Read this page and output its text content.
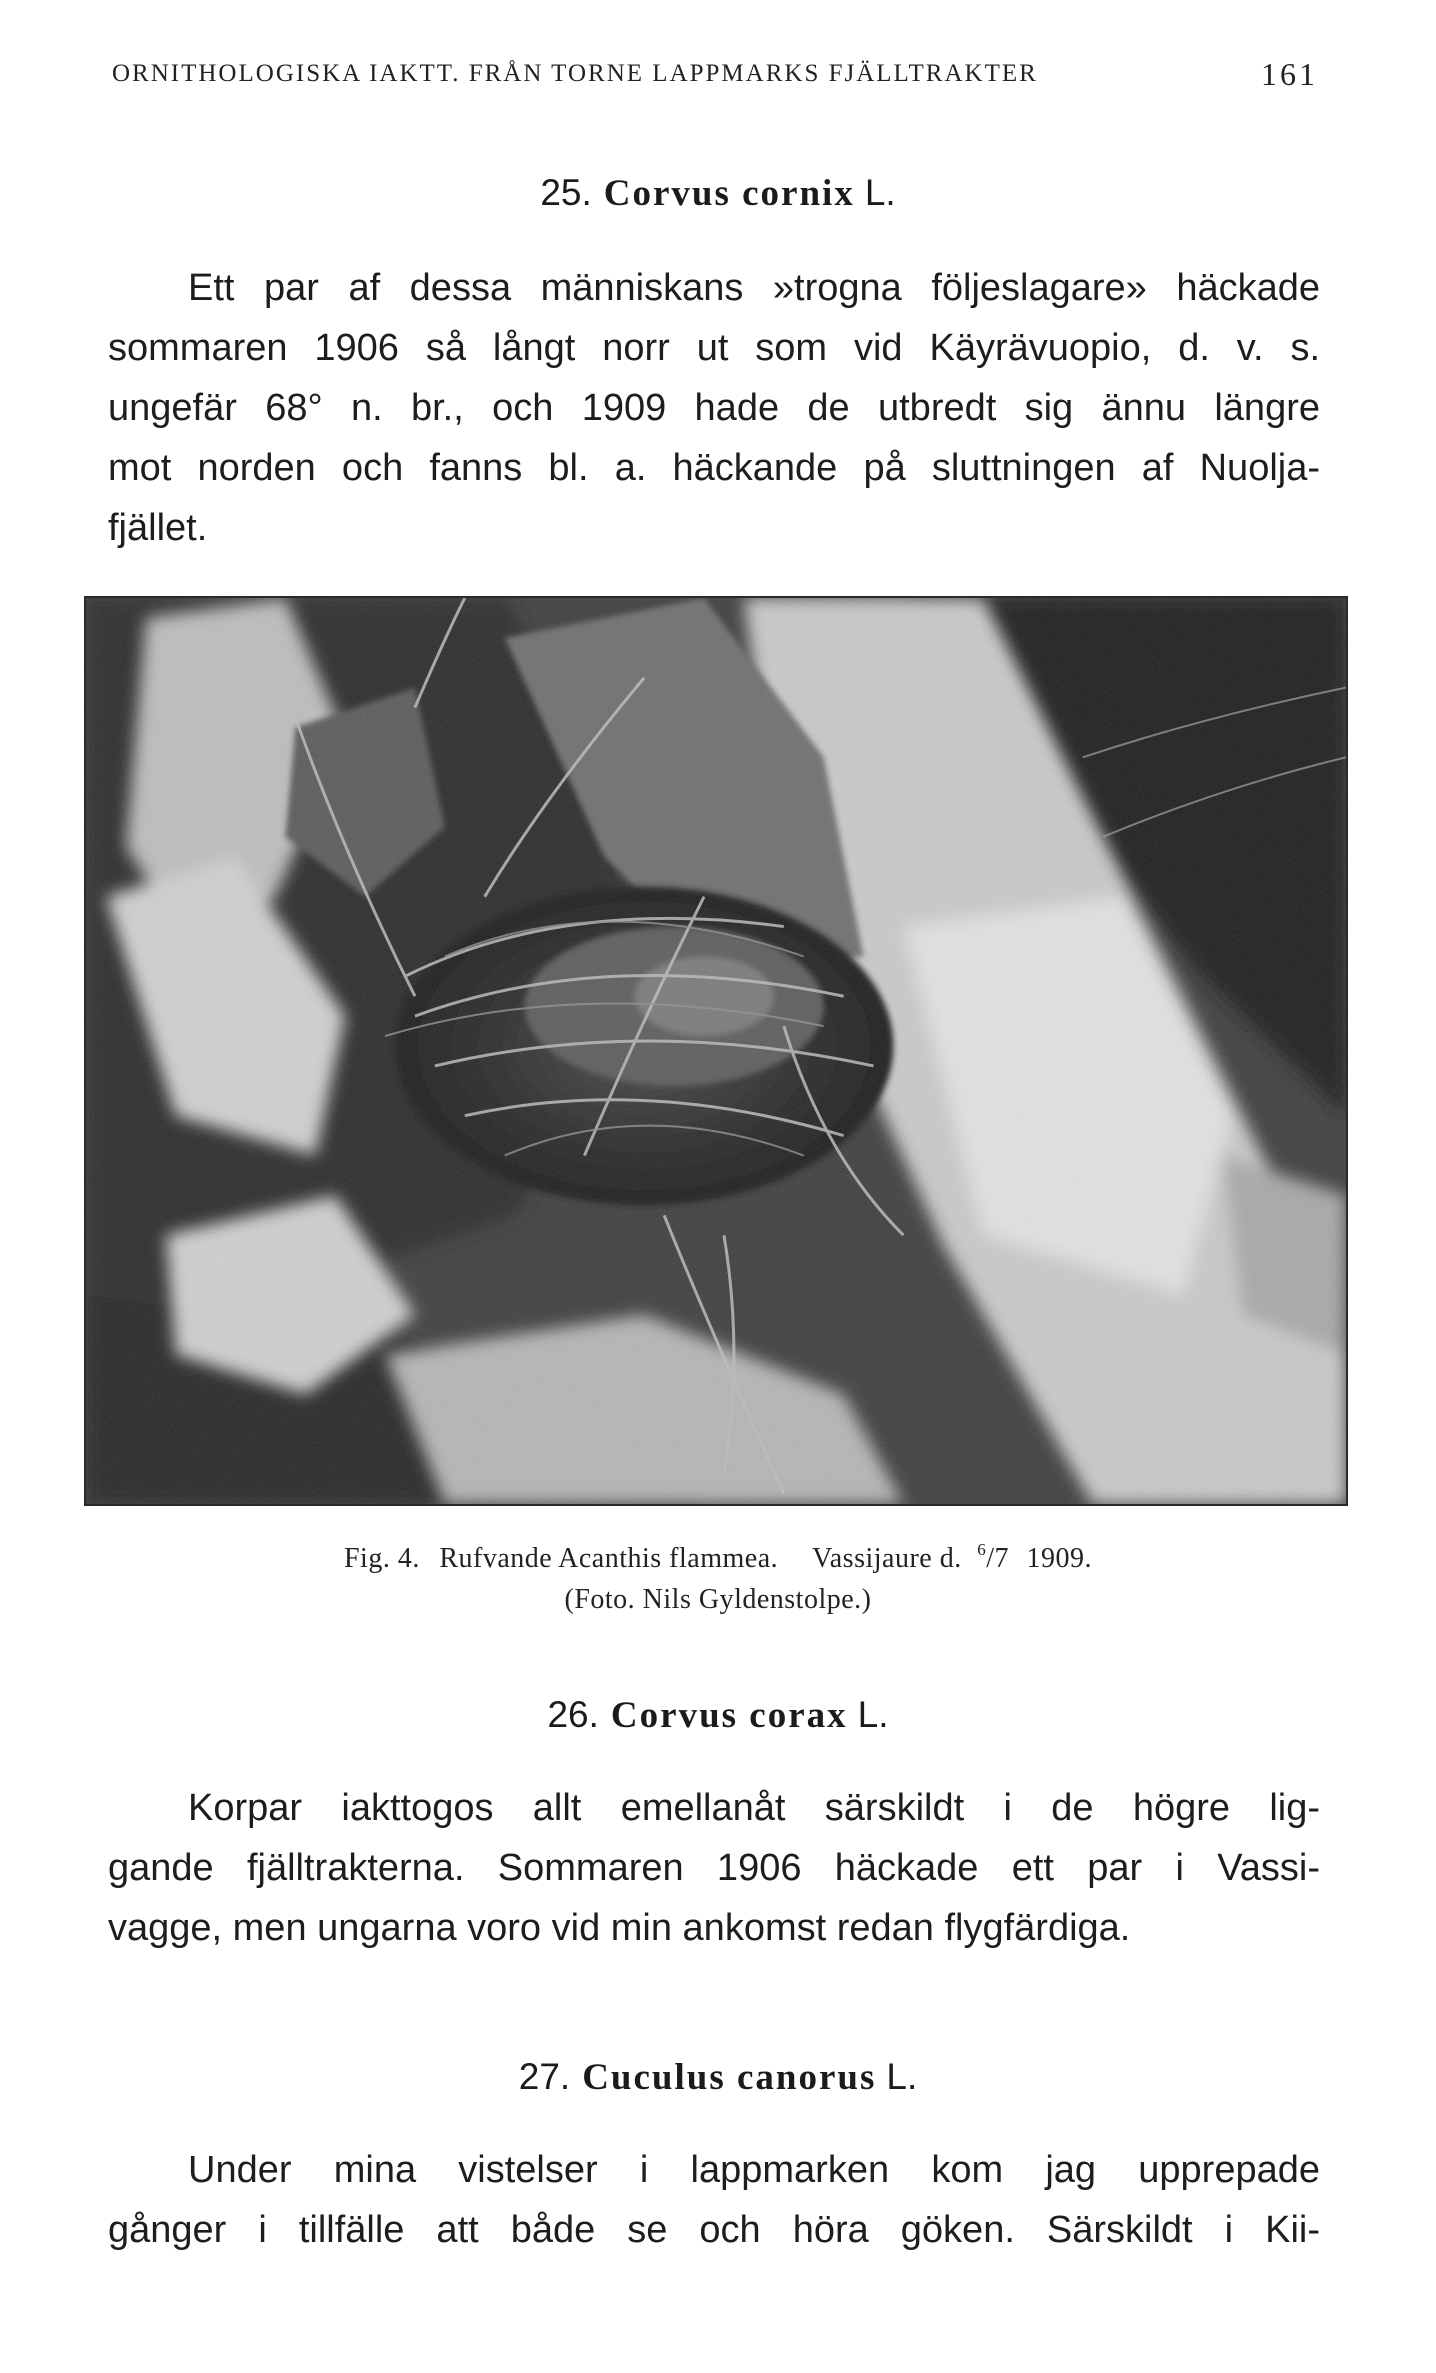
ORNITHOLOGISKA IAKTT. FRÅN TORNE LAPPMARKS FJÄLLTRAKTER	161
25. Corvus cornix L.
Ett par af dessa människans »trogna följeslagare» häckade
sommaren 1906 så långt norr ut som vid Käyrävuopio, d. v. s.
ungefär 68° n. br., och 1909 hade de utbredt sig ännu längre
mot norden och fanns bl. a. häckande på sluttningen af Nuolja-
fjället.
Fig. 4. Rufvande Acanthis flammea. Vassijaure d. $^6$/7 1909.
(Foto. Nils Gyldenstolpe.)
26. Corvus corax L.
Korpar iakttogos allt emellanåt särskildt i de högre lig-
gande fjälltrakterna. Sommaren 1906 häckade ett par i Vassi-
vagge, men ungarna voro vid min ankomst redan flygfärdiga.
27. Cuculus canorus L.
Under mina vistelser i lappmarken kom jag upprepade
gånger i tillfälle att både se och höra göken. Särskildt i Kii-
